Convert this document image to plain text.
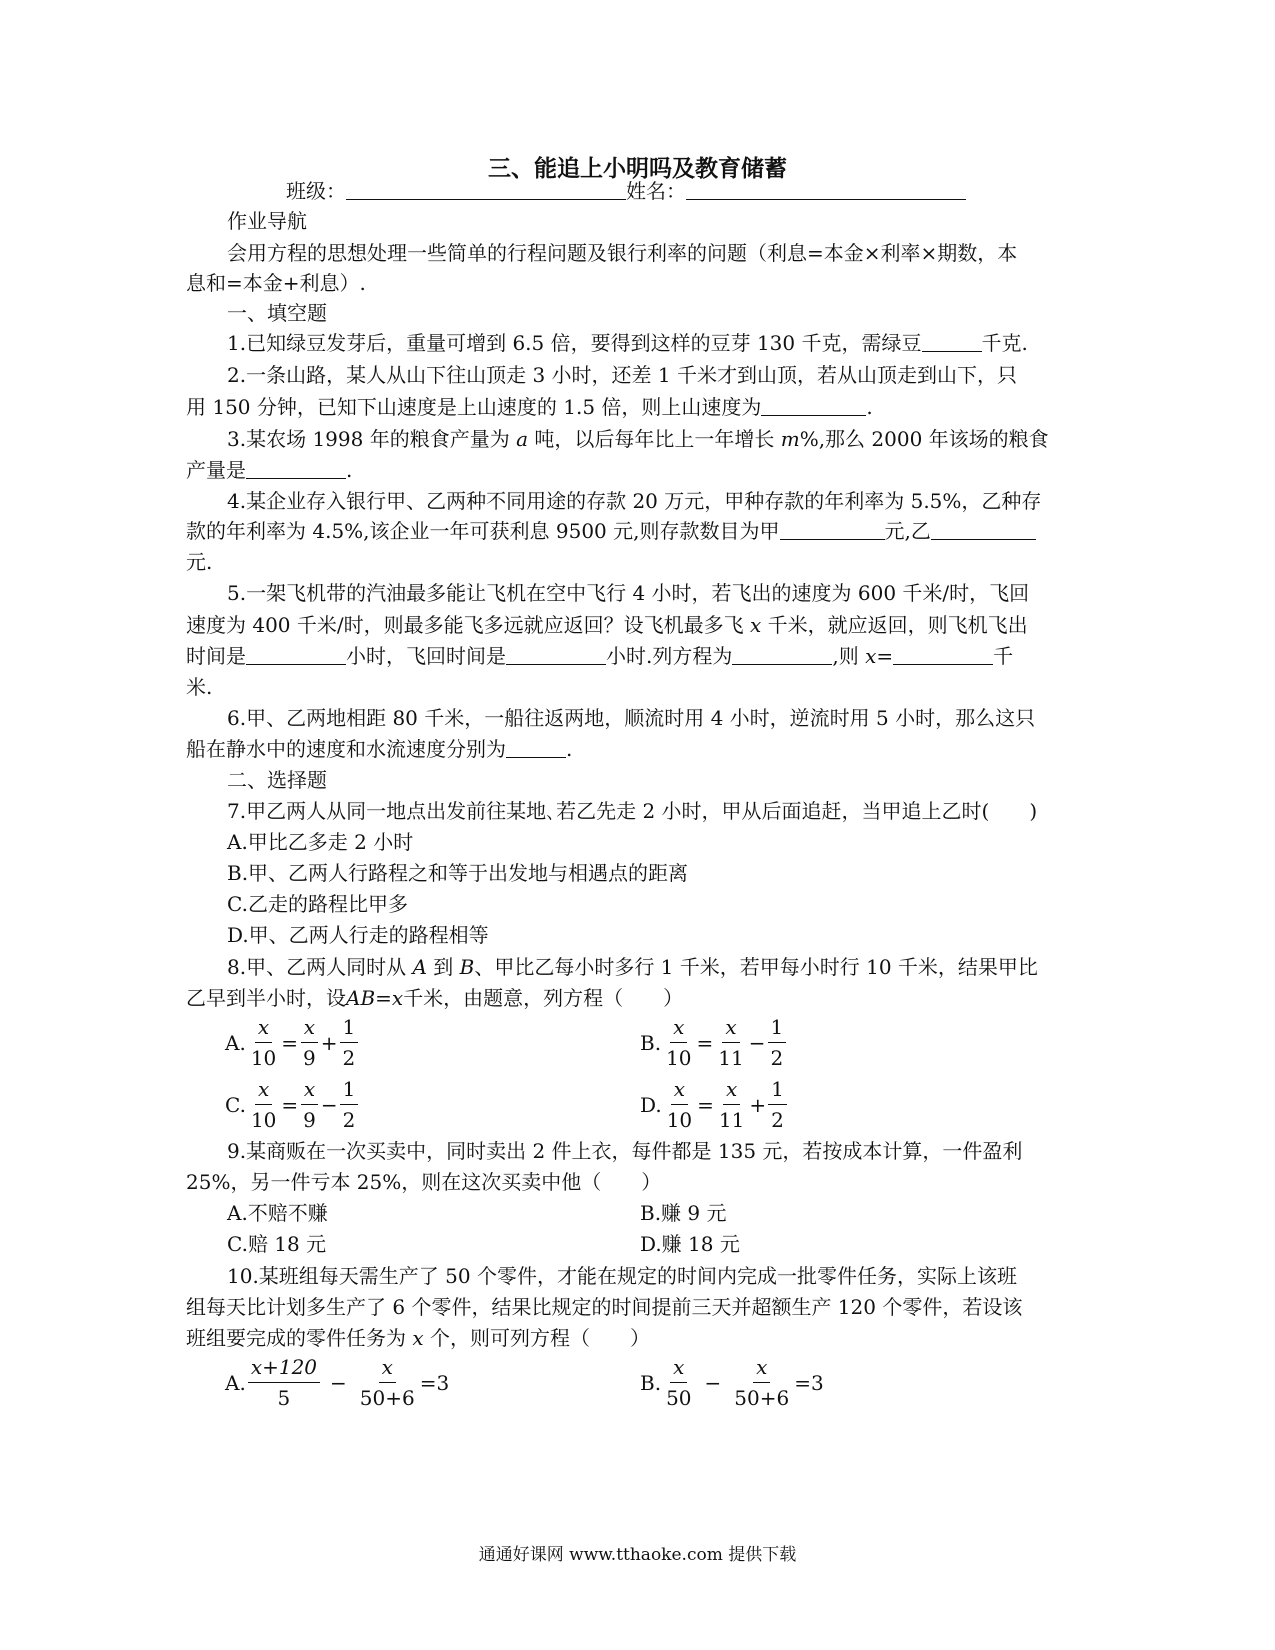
三、能追上小明吗及教育储蓄
班级：	姓名：
作业导航
会用方程的思想处理一些简单的行程问题及银行利率的问题（利息=本金×利率×期数，本
息和=本金+利息）.
一、填空题
1.已知绿豆发芽后，重量可增到 6.5 倍，要得到这样的豆芽 130 千克，需绿豆	千克.
2.一条山路，某人从山下往山顶走 3 小时，还差 1 千米才到山顶，若从山顶走到山下，只
用 150 分钟，已知下山速度是上山速度的 1.5 倍，则上山速度为	.
3.某农场 1998 年的粮食产量为 a 吨，以后每年比上一年增长 m%,那么 2000 年该场的粮食
产量是	.
4.某企业存入银行甲、乙两种不同用途的存款 20 万元，甲种存款的年利率为 5.5%，乙种存
款的年利率为 4.5%,该企业一年可获利息 9500 元,则存款数目为甲	元,乙
元.
5.一架飞机带的汽油最多能让飞机在空中飞行 4 小时，若飞出的速度为 600 千米/时，飞回
速度为 400 千米/时，则最多能飞多远就应返回？设飞机最多飞 x 千米，就应返回，则飞机飞出
时间是	小时，飞回时间是	小时.列方程为	,则 x=	千
米.
6.甲、乙两地相距 80 千米，一船往返两地，顺流时用 4 小时，逆流时用 5 小时，那么这只
船在静水中的速度和水流速度分别为	.
二、选择题
7.甲乙两人从同一地点出发前往某地､若乙先走 2 小时，甲从后面追赶，当甲追上乙时(　　)
A.甲比乙多走 2 小时
B.甲、乙两人行路程之和等于出发地与相遇点的距离
C.乙走的路程比甲多
D.甲、乙两人行走的路程相等
8.甲、乙两人同时从 A 到 B、甲比乙每小时多行 1 千米，若甲每小时行 10 千米，结果甲比
乙早到半小时，设AB=x千米，由题意，列方程（　　）
A. $\frac{x}{10} = \frac{x}{9} + \frac{1}{2}$	B. $\frac{x}{10} = \frac{x}{11} - \frac{1}{2}$
C. $\frac{x}{10} = \frac{x}{9} - \frac{1}{2}$	D. $\frac{x}{10} = \frac{x}{11} + \frac{1}{2}$
9.某商贩在一次买卖中，同时卖出 2 件上衣，每件都是 135 元，若按成本计算，一件盈利
25%，另一件亏本 25%，则在这次买卖中他（　　）
A.不赔不赚	B.赚 9 元
C.赔 18 元	D.赚 18 元
10.某班组每天需生产了 50 个零件，才能在规定的时间内完成一批零件任务，实际上该班
组每天比计划多生产了 6 个零件，结果比规定的时间提前三天并超额生产 120 个零件，若设该
班组要完成的零件任务为 x 个，则可列方程（　　）
A. $\frac{x+120}{5} - \frac{x}{50+6} =3$	B. $\frac{x}{50} - \frac{x}{50+6} =3$
通通好课网 www.tthaoke.com 提供下载
